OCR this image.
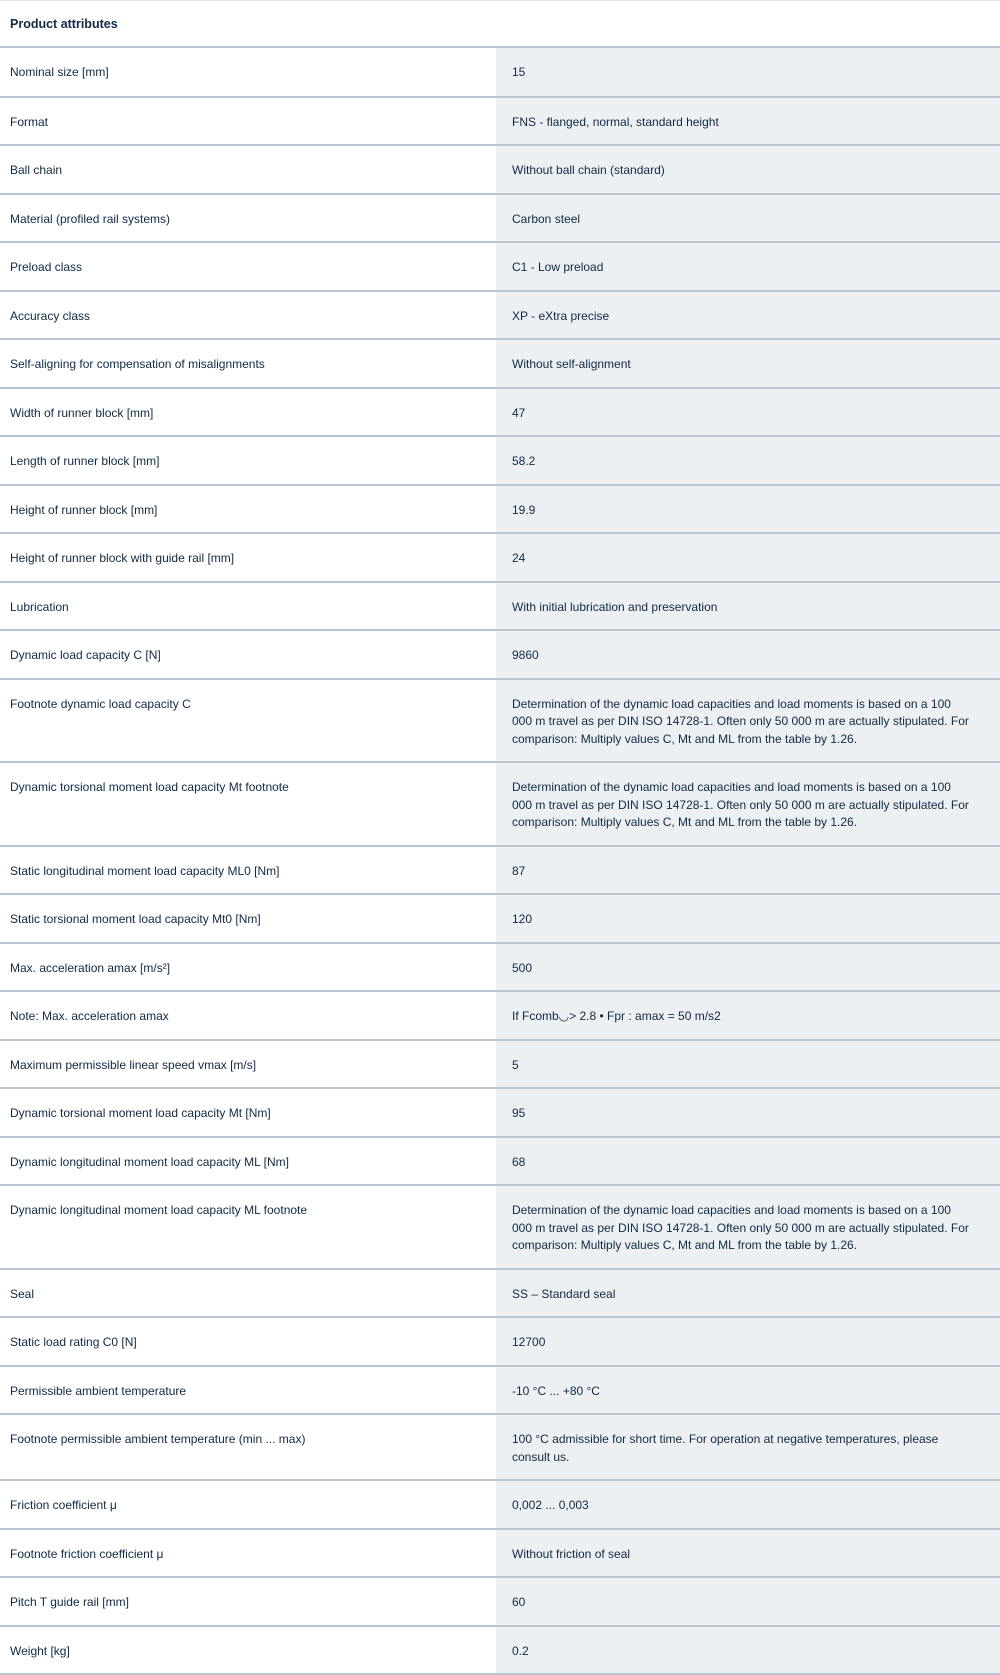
Product attributes
Nominal size [mm]	15
Format	FNS - flanged, normal, standard height
Ball chain	Without ball chain (standard)
Material (profiled rail systems)	Carbon steel
Preload class	C1 - Low preload
Accuracy class	XP - eXtra precise
Self-aligning for compensation of misalignments	Without self-alignment
Width of runner block [mm]	47
Length of runner block [mm]	58.2
Height of runner block [mm]	19.9
Height of runner block with guide rail [mm]	24
Lubrication	With initial lubrication and preservation
Dynamic load capacity C [N]	9860
Footnote dynamic load capacity C	Determination of the dynamic load capacities and load moments is based on a 100 000 m travel as per DIN ISO 14728-1. Often only 50 000 m are actually stipulated. For comparison: Multiply values C, Mt and ML from the table by 1.26.
Dynamic torsional moment load capacity Mt footnote	Determination of the dynamic load capacities and load moments is based on a 100 000 m travel as per DIN ISO 14728-1. Often only 50 000 m are actually stipulated. For comparison: Multiply values C, Mt and ML from the table by 1.26.
Static longitudinal moment load capacity ML0 [Nm]	87
Static torsional moment load capacity Mt0 [Nm]	120
Max. acceleration amax [m/s²]	500
Note: Max. acceleration amax	If Fcomb◡> 2.8 • Fpr : amax = 50 m/s2
Maximum permissible linear speed vmax [m/s]	5
Dynamic torsional moment load capacity Mt [Nm]	95
Dynamic longitudinal moment load capacity ML [Nm]	68
Dynamic longitudinal moment load capacity ML footnote	Determination of the dynamic load capacities and load moments is based on a 100 000 m travel as per DIN ISO 14728-1. Often only 50 000 m are actually stipulated. For comparison: Multiply values C, Mt and ML from the table by 1.26.
Seal	SS – Standard seal
Static load rating C0 [N]	12700
Permissible ambient temperature	-10 °C ... +80 °C
Footnote permissible ambient temperature (min ... max)	100 °C admissible for short time. For operation at negative temperatures, please consult us.
Friction coefficient μ	0,002 ... 0,003
Footnote friction coefficient μ	Without friction of seal
Pitch T guide rail [mm]	60
Weight [kg]	0.2
